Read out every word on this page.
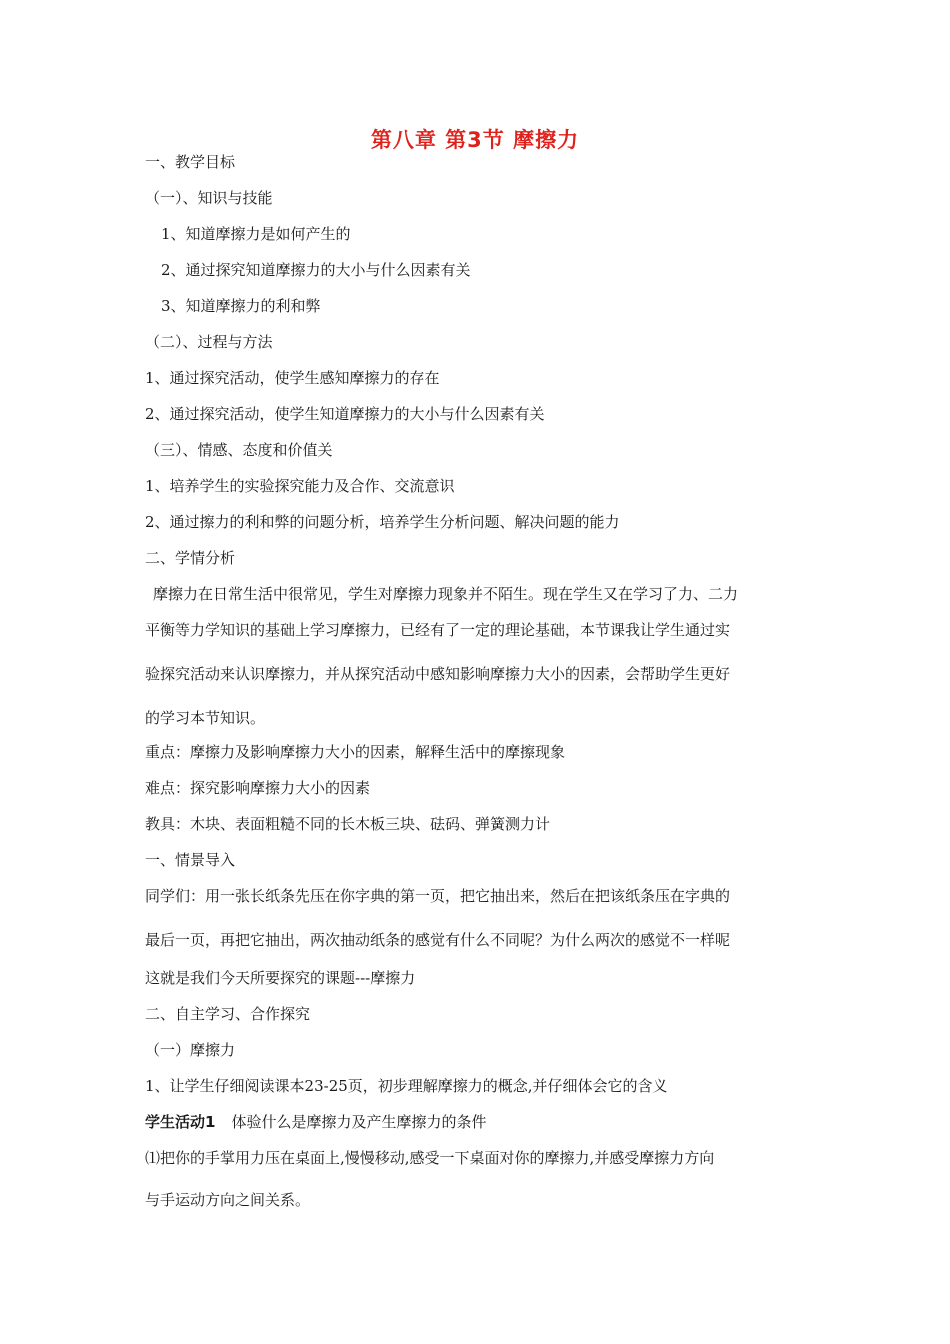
第八章 第3节 摩擦力
一、教学目标
（一）、知识与技能
1、知道摩擦力是如何产生的
2、通过探究知道摩擦力的大小与什么因素有关
3、知道摩擦力的利和弊
（二）、过程与方法
1、通过探究活动，使学生感知摩擦力的存在
2、通过探究活动，使学生知道摩擦力的大小与什么因素有关
（三）、情感、态度和价值关
1、培养学生的实验探究能力及合作、交流意识
2、通过擦力的利和弊的问题分析，培养学生分析问题、解决问题的能力
二、学情分析
摩擦力在日常生活中很常见，学生对摩擦力现象并不陌生。现在学生又在学习了力、二力
平衡等力学知识的基础上学习摩擦力，已经有了一定的理论基础，本节课我让学生通过实
验探究活动来认识摩擦力，并从探究活动中感知影响摩擦力大小的因素，会帮助学生更好
的学习本节知识。
重点：摩擦力及影响摩擦力大小的因素，解释生活中的摩擦现象
难点：探究影响摩擦力大小的因素
教具：木块、表面粗糙不同的长木板三块、砝码、弹簧测力计
一、情景导入
同学们：用一张长纸条先压在你字典的第一页，把它抽出来，然后在把该纸条压在字典的
最后一页，再把它抽出，两次抽动纸条的感觉有什么不同呢？为什么两次的感觉不一样呢
这就是我们今天所要探究的课题---摩擦力
二、自主学习、合作探究
（一）摩擦力
1、让学生仔细阅读课本23-25页，初步理解摩擦力的概念,并仔细体会它的含义
学生活动1 体验什么是摩擦力及产生摩擦力的条件
⑴把你的手掌用力压在桌面上,慢慢移动,感受一下桌面对你的摩擦力,并感受摩擦力方向
与手运动方向之间关系。
